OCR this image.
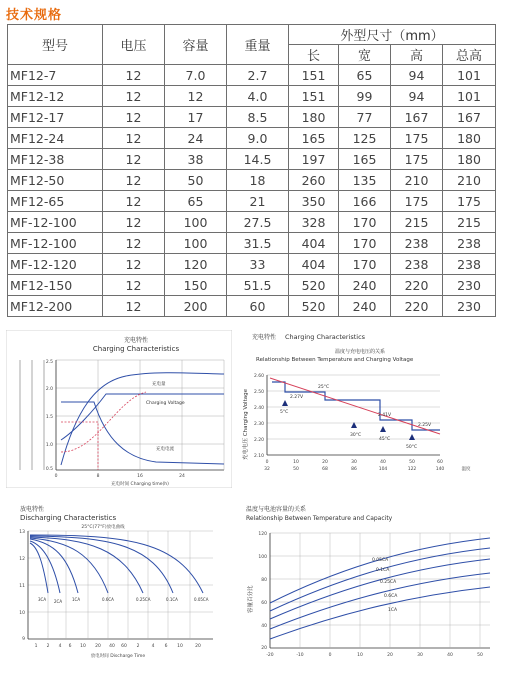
技术规格
型号	电压	容量	重量	外型尺寸（mm）			
				长	宽	高	总高
MF12-7	12	7.0	2.7	151	65	94	101
MF12-12	12	12	4.0	151	99	94	101
MF12-17	12	17	8.5	180	77	167	167
MF12-24	12	24	9.0	165	125	175	180
MF12-38	12	38	14.5	197	165	175	180
MF12-50	12	50	18	260	135	210	210
MF12-65	12	65	21	350	166	175	175
MF-12-100	12	100	27.5	328	170	215	215
MF-12-100	12	100	31.5	404	170	238	238
MF-12-120	12	120	33	404	170	238	238
MF12-150	12	150	51.5	520	240	220	230
MF12-200	12	200	60	520	240	220	230
充电特性
Charging Characteristics
2.5
2.0
1.5
1.0
0.5
0	8	16	24
充电时间 Charging time(h)
充电量
充电电流
Charging Voltage
充电特性 Charging Characteristics
温度与充电电压的关系
Relationship Between Temperature and Charging Voltage
充电电压 Charging Voltage
2.60
2.50
2.40
2.30
2.20
2.10
0	10	20	30	40	50	60
32	50	68	86	104	122	140	温度
5°C
25°C
30°C
45°C
50°C
2.27V
2.41V
2.25V
放电特性
Discharging Characteristics
13
12
11
10
9
1 2 4 6 10 20 40 60 2	4 6 10	20
放电时间 Discharge Time
25°C(77°F)放电曲线
3CA 2CA 1CA	0.6CA	0.25CA	0.1CA	0.05CA
温度与电池容量的关系
Relationship Between Temperature and Capacity
容量百分比
120
100
80
60
40
20
-20	-10	0	10	20	30	40	50
0.05CA
0.1CA
0.25CA
0.6CA
1CA
